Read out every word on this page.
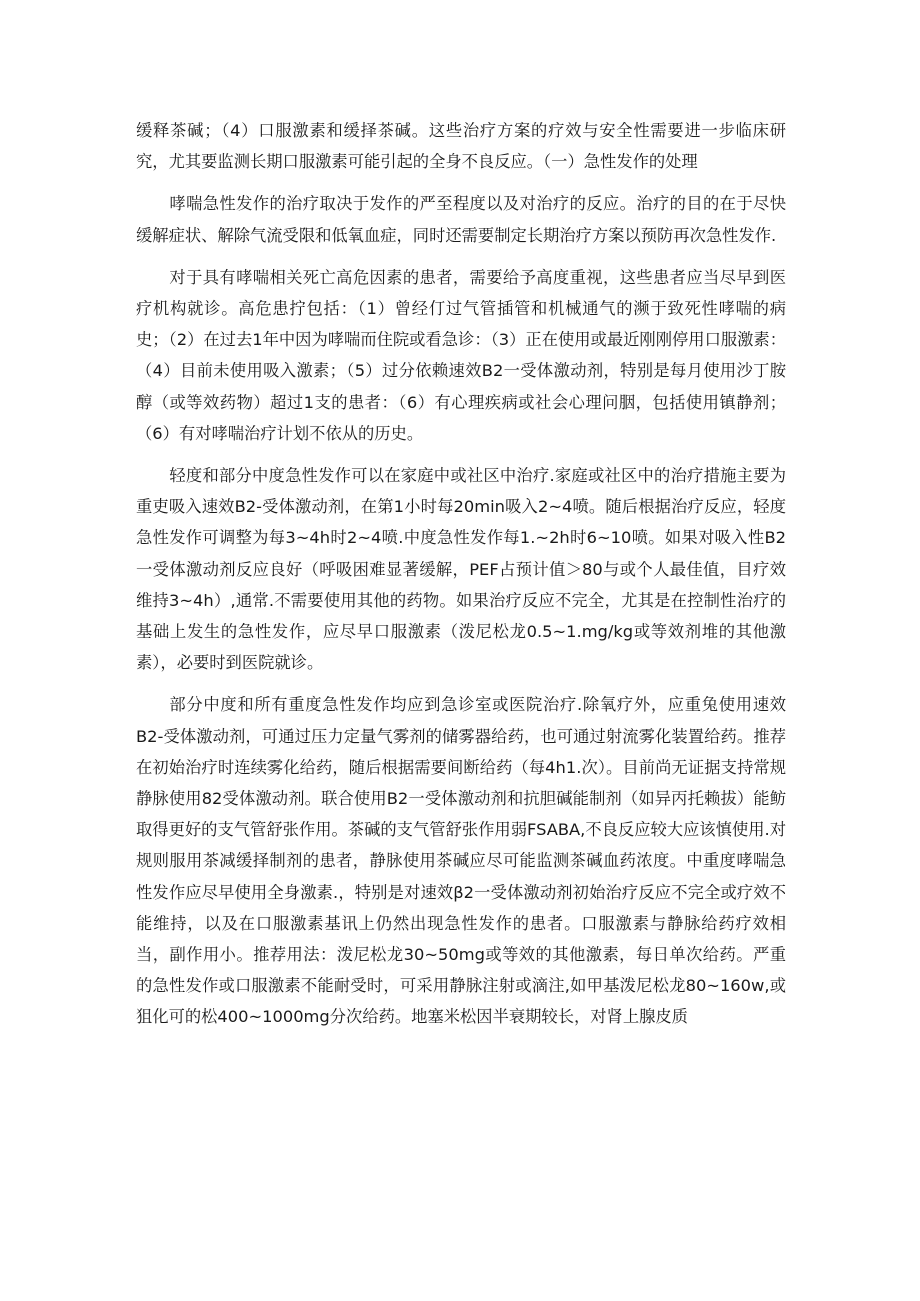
缓释茶碱；（4）口服激素和缓择茶碱。这些治疗方案的疗效与安全性需要进一步临床研究，尤其要监测长期口服激素可能引起的全身不良反应。（一）急性发作的处理

哮喘急性发作的治疗取决于发作的严至程度以及对治疗的反应。治疗的目的在于尽快缓解症状、解除气流受限和低氧血症，同时还需要制定长期治疗方案以预防再次急性发作.

对于具有哮喘相关死亡高危因素的患者，需要给予高度重视，这些患者应当尽早到医疗机构就诊。高危患拧包括：（1）曾经仃过气管插管和机械通气的濒于致死性哮喘的病史；（2）在过去1年中因为哮喘而住院或看急诊：（3）正在使用或最近刚刚停用口服激素：（4）目前未使用吸入激素；（5）过分依赖速效B2一受体激动剂，特别是每月使用沙丁胺醇（或等效药物）超过1支的患者：（6）有心理疾病或社会心理问胭，包括使用镇静剂；（6）有对哮喘治疗计划不依从的历史。

轻度和部分中度急性发作可以在家庭中或社区中治疗.家庭或社区中的治疗措施主要为重吏吸入速效B2-受体激动剂，在第1小时每20min吸入2~4喷。随后根据治疗反应，轻度急性发作可调整为每3~4h时2~4喷.中度急性发作每1.~2h时6~10喷。如果对吸入性B2一受体激动剂反应良好（呼吸困难显著缓解，PEF占预计值＞80与或个人最佳值，目疗效维持3~4h）,通常.不需要使用其他的药物。如果治疗反应不完全，尤其是在控制性治疗的基础上发生的急性发作，应尽早口服激素（泼尼松龙0.5~1.mg∕kg或等效剂堆的其他激素），必要时到医院就诊。

部分中度和所有重度急性发作均应到急诊室或医院治疗.除氧疗外，应重兔使用速效B2-受体激动剂，可通过压力定量气雾剂的储雾器给药，也可通过射流雾化装置给药。推荐在初始治疗时连续雾化给药，随后根据需要间断给药（每4h1.次）。目前尚无证据支持常规静脉使用82受体激动剂。联合使用B2一受体激动剂和抗胆碱能制剂（如异丙托赖拔）能鲂取得更好的支气管舒张作用。茶碱的支气管舒张作用弱FSABA,不良反应较大应该慎使用.对规则服用茶减缓择制剂的患者，静脉使用茶碱应尽可能监测茶碱血药浓度。中重度哮喘急性发作应尽早使用全身激素.，特别是对速效β2一受体激动剂初始治疗反应不完全或疗效不能维持，以及在口服激素基讯上仍然出现急性发作的患者。口服激素与静脉给药疗效相当，副作用小。推荐用法：泼尼松龙30~50mg或等效的其他激素，每日单次给药。严重的急性发作或口服激素不能耐受时，可采用静脉注射或滴注,如甲基泼尼松龙80~160w,或狙化可的松400~1000mg分次给药。地塞米松因半衰期较长，对肾上腺皮质
